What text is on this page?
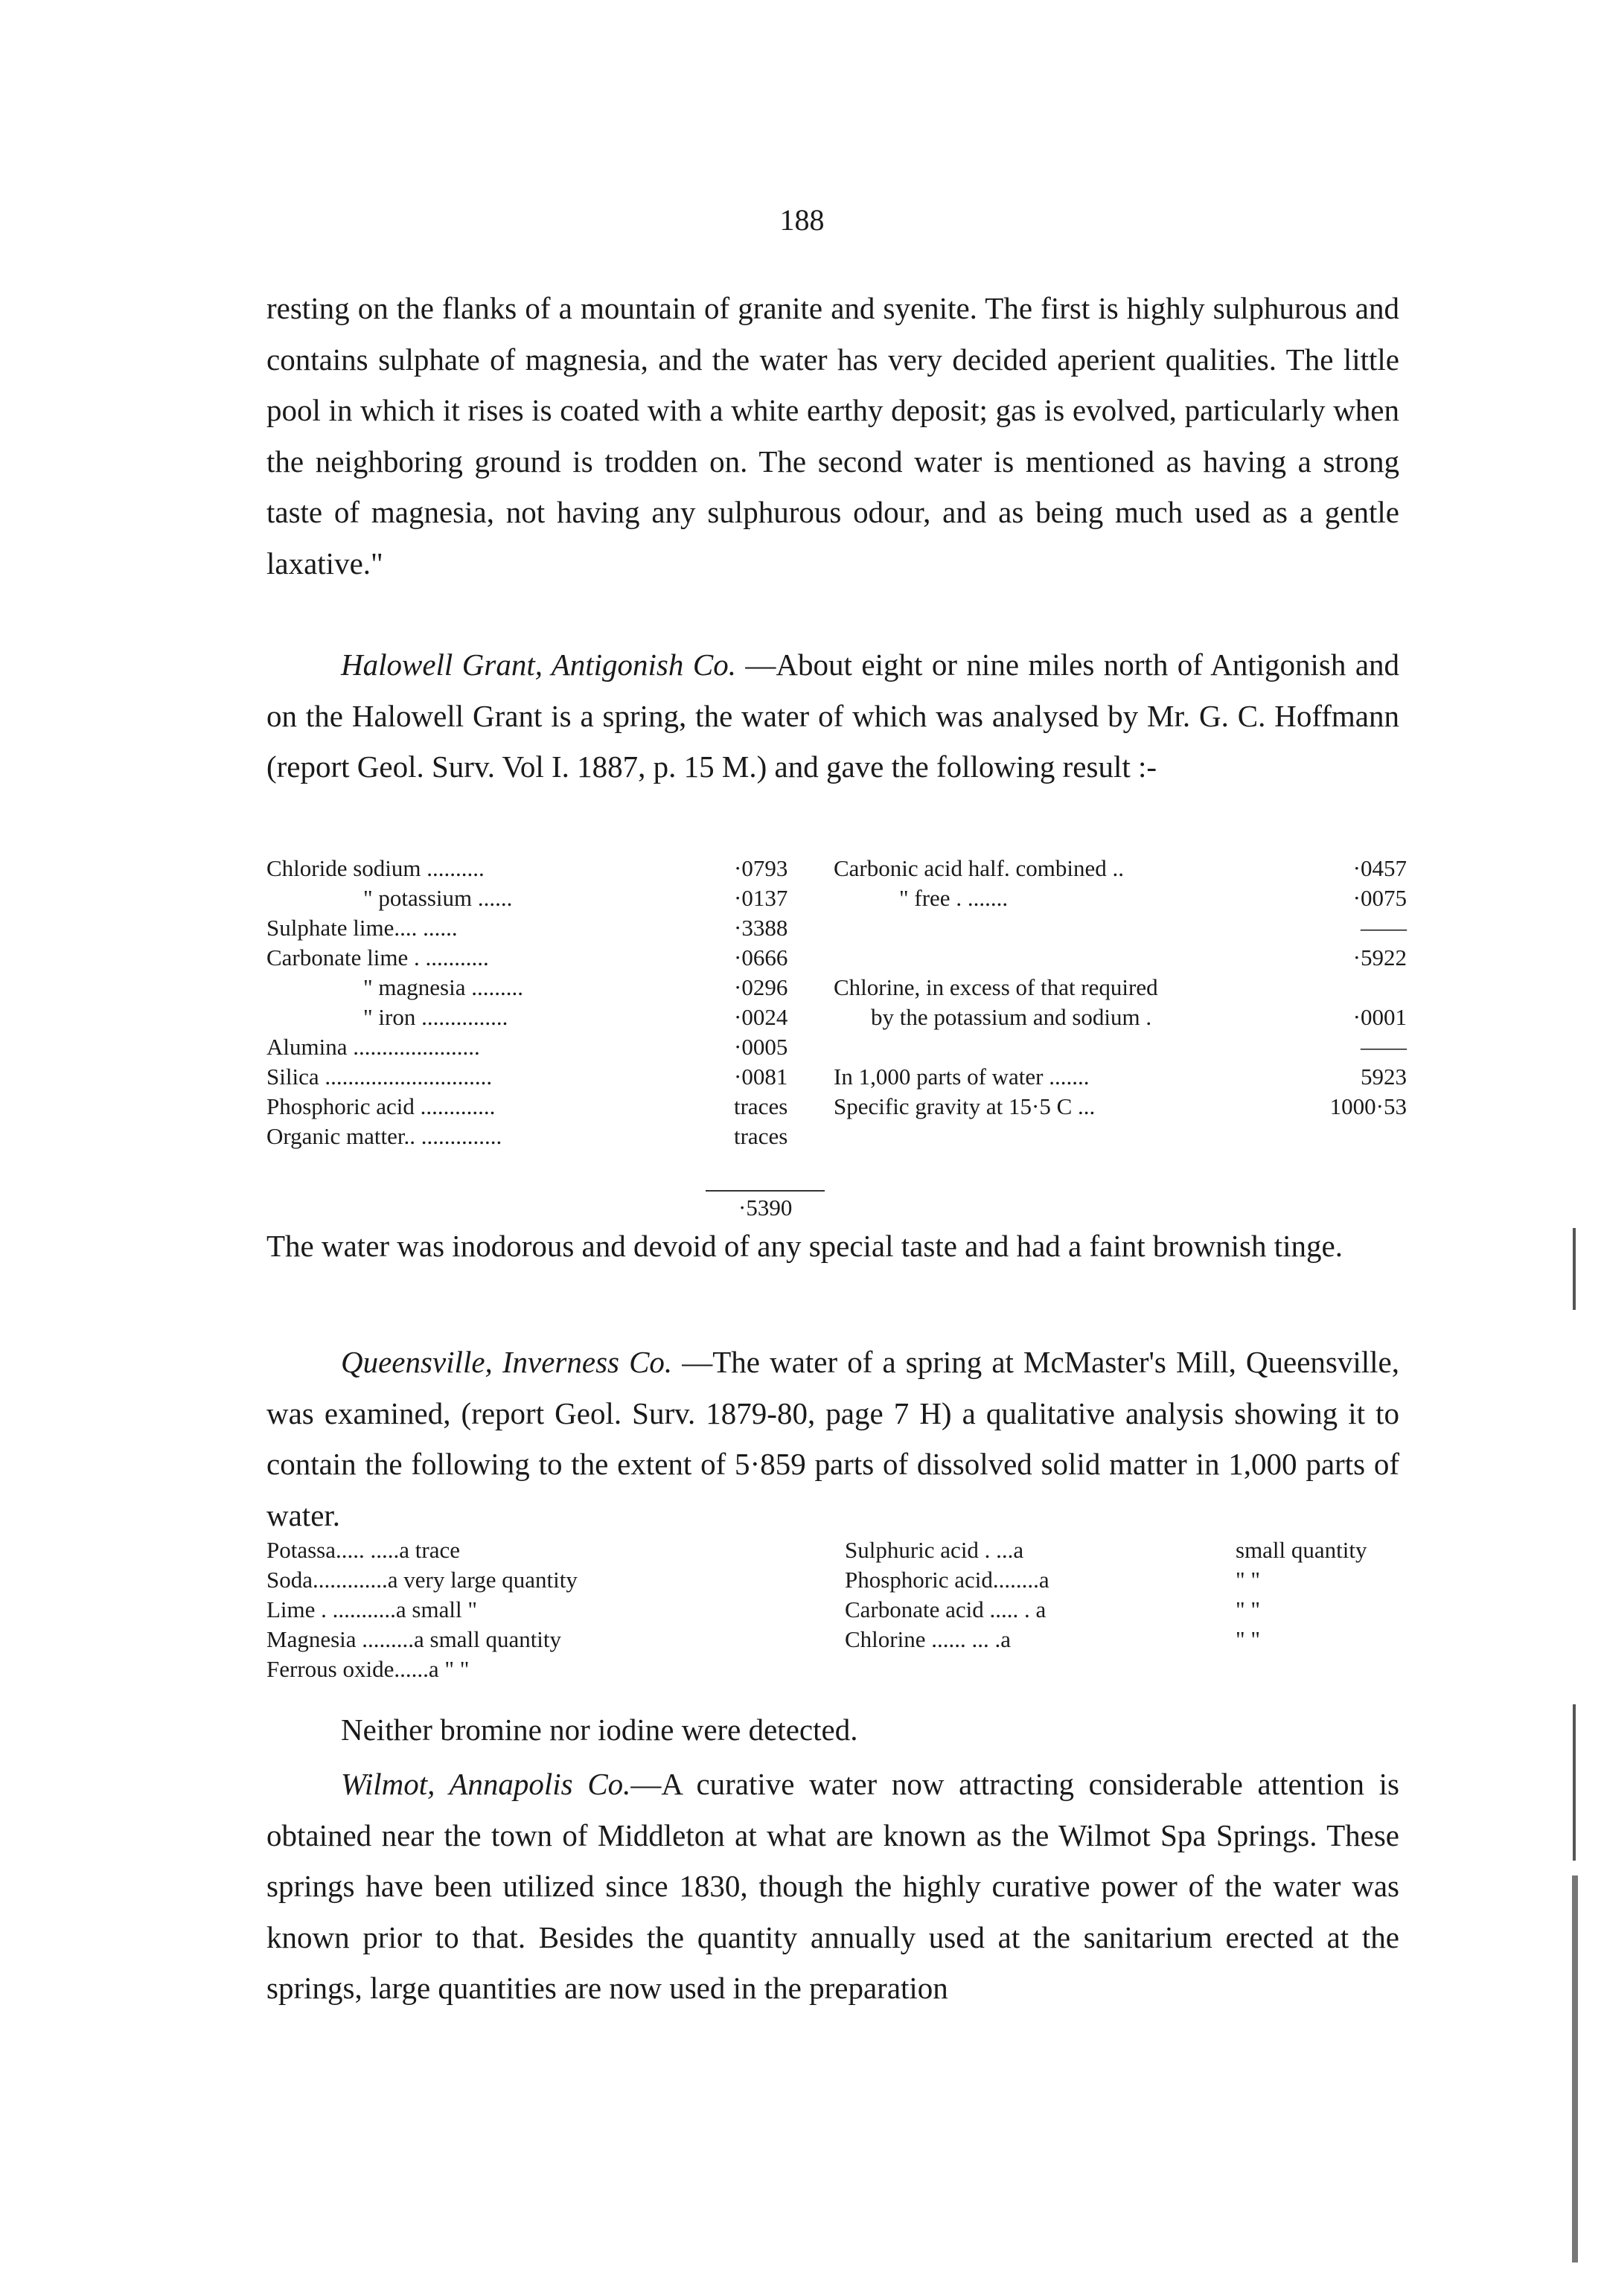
188

resting on the flanks of a mountain of granite and syenite. The first is highly sulphurous and contains sulphate of magnesia, and the water has very decided aperient qualities. The little pool in which it rises is coated with a white earthy deposit; gas is evolved, particularly when the neighboring ground is trodden on. The second water is mentioned as having a strong taste of magnesia, not having any sulphurous odour, and as being much used as a gentle laxative."

Halowell Grant, Antigonish Co. —About eight or nine miles north of Antigonish and on the Halowell Grant is a spring, the water of which was analysed by Mr. G. C. Hoffmann (report Geol. Surv. Vol I. 1887, p. 15 M.) and gave the following result :-

Chloride sodium ..........	·0793
" potassium ......	·0137
Sulphate lime.... ......	·3388
Carbonate lime . ...........	·0666
" magnesia .........	·0296
" iron ...............	·0024
Alumina ......................	·0005
Silica .............................	·0081
Phosphoric acid .............	traces
Organic matter.. ..............	traces
·5390
Carbonic acid half. combined ..	·0457
" free . .......	·0075
——
·5922
Chlorine, in excess of that required
by the potassium and sodium .	·0001
——
In 1,000 parts of water .......	5923
Specific gravity at 15·5 C ...	1000·53

The water was inodorous and devoid of any special taste and had a faint brownish tinge.

Queensville, Inverness Co. —The water of a spring at McMaster's Mill, Queensville, was examined, (report Geol. Surv. 1879-80, page 7 H) a qualitative analysis showing it to contain the following to the extent of 5·859 parts of dissolved solid matter in 1,000 parts of water.

Potassa..... .....a trace
Soda.............a very large quantity
Lime . ...........a small "
Magnesia .........a small quantity
Ferrous oxide......a " "
Sulphuric acid . ...a	small quantity
Phosphoric acid........a	" "
Carbonate acid ..... . a	" "
Chlorine ...... ... .a	" "

Neither bromine nor iodine were detected.

Wilmot, Annapolis Co.—A curative water now attracting considerable attention is obtained near the town of Middleton at what are known as the Wilmot Spa Springs. These springs have been utilized since 1830, though the highly curative power of the water was known prior to that. Besides the quantity annually used at the sanitarium erected at the springs, large quantities are now used in the preparation
